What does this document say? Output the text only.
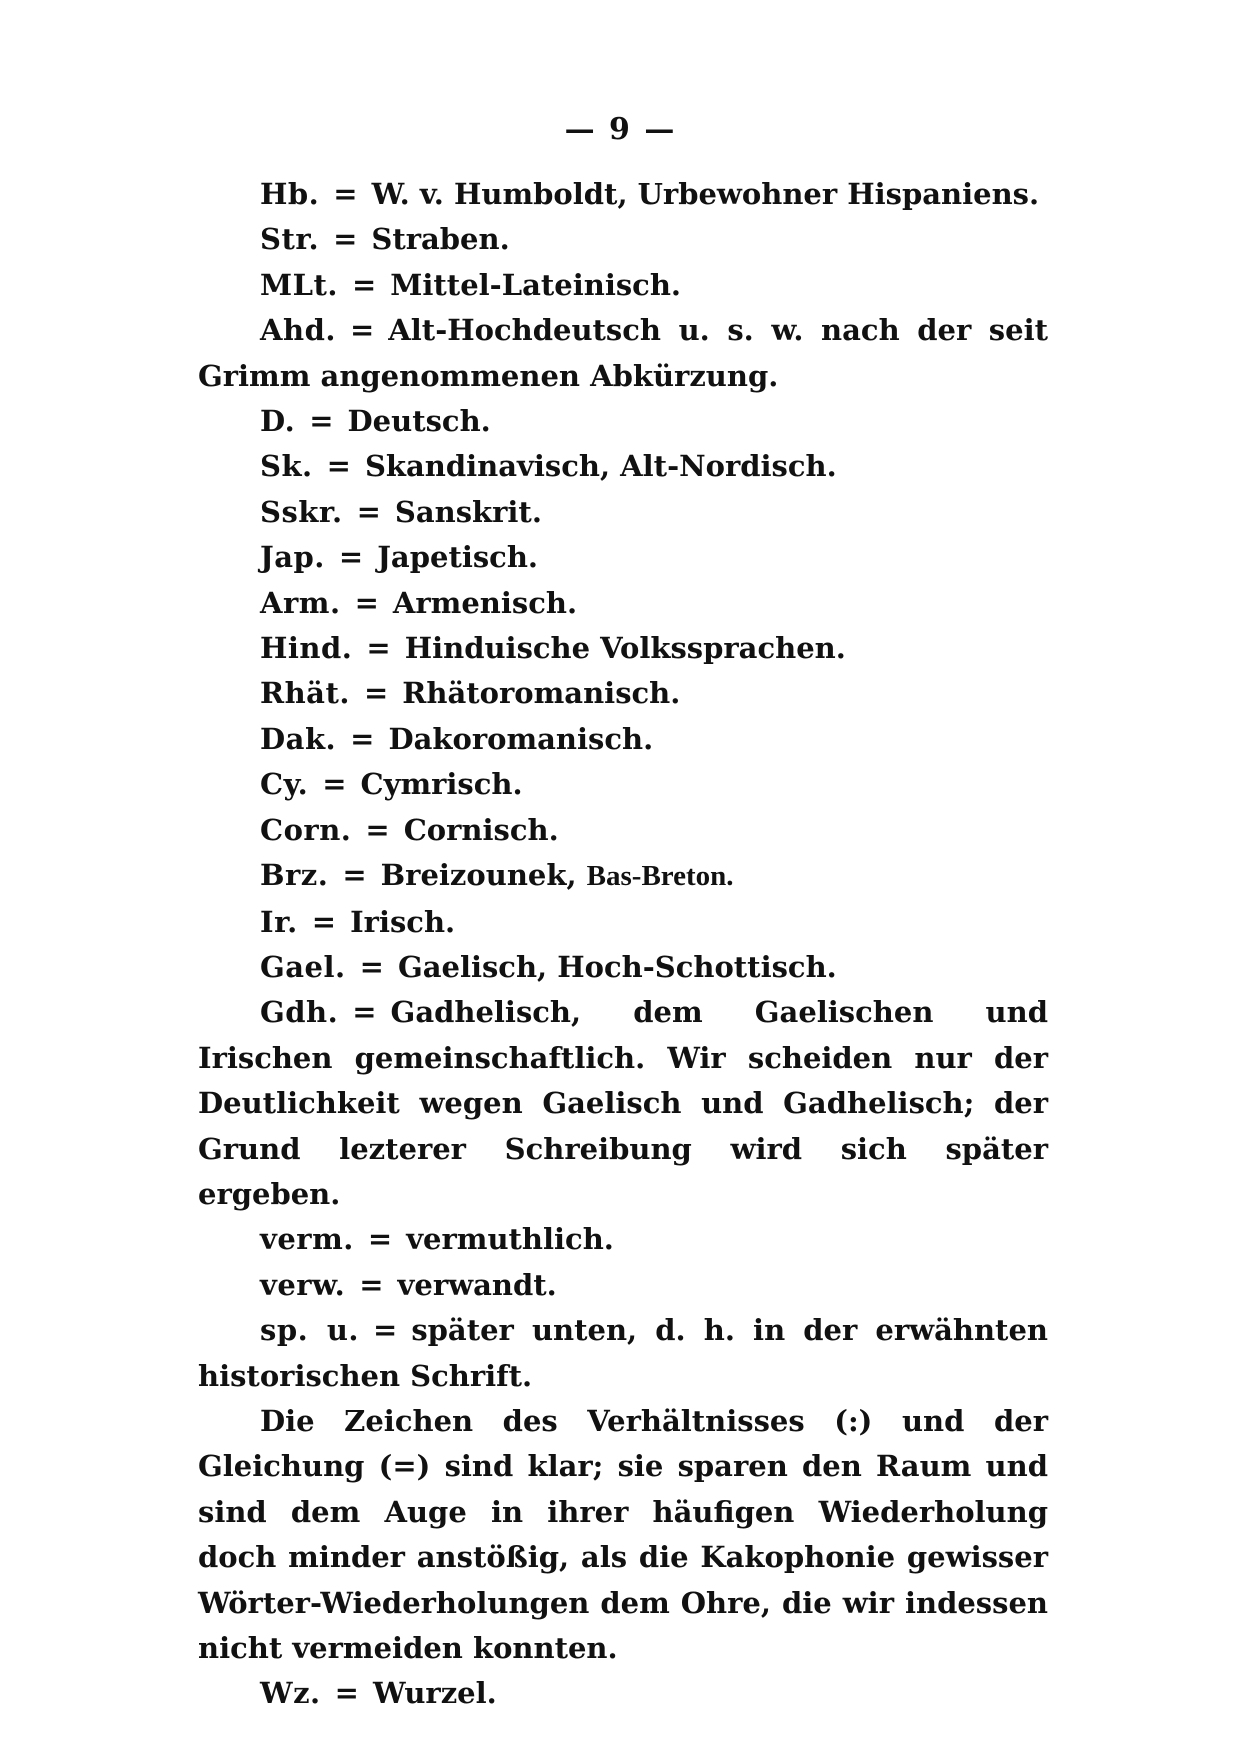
— 9 —
Hb. = W. v. Humboldt, Urbewohner Hispaniens.
Str. = Straben.
MLt. = Mittel-Lateinisch.
Ahd. = Alt-Hochdeutsch u. s. w. nach der seit Grimm angenommenen Abkürzung.
D. = Deutsch.
Sk. = Skandinavisch, Alt-Nordisch.
Sskr. = Sanskrit.
Jap. = Japetisch.
Arm. = Armenisch.
Hind. = Hinduische Volkssprachen.
Rhät. = Rhätoromanisch.
Dak. = Dakoromanisch.
Cy. = Cymrisch.
Corn. = Cornisch.
Brz. = Breizounek, Bas-Breton.
Ir. = Irisch.
Gael. = Gaelisch, Hoch-Schottisch.
Gdh. = Gadhelisch, dem Gaelischen und Irischen gemeinschaftlich. Wir scheiden nur der Deutlichkeit wegen Gaelisch und Gadhelisch; der Grund lezterer Schreibung wird sich später ergeben.
verm. = vermuthlich.
verw. = verwandt.
sp. u. = später unten, d. h. in der erwähnten historischen Schrift.
Die Zeichen des Verhältnisses (:) und der Gleichung (=) sind klar; sie sparen den Raum und sind dem Auge in ihrer häufigen Wiederholung doch minder anstößig, als die Kakophonie gewisser Wörter-Wiederholungen dem Ohre, die wir indessen nicht vermeiden konnten.
Wz. = Wurzel.
